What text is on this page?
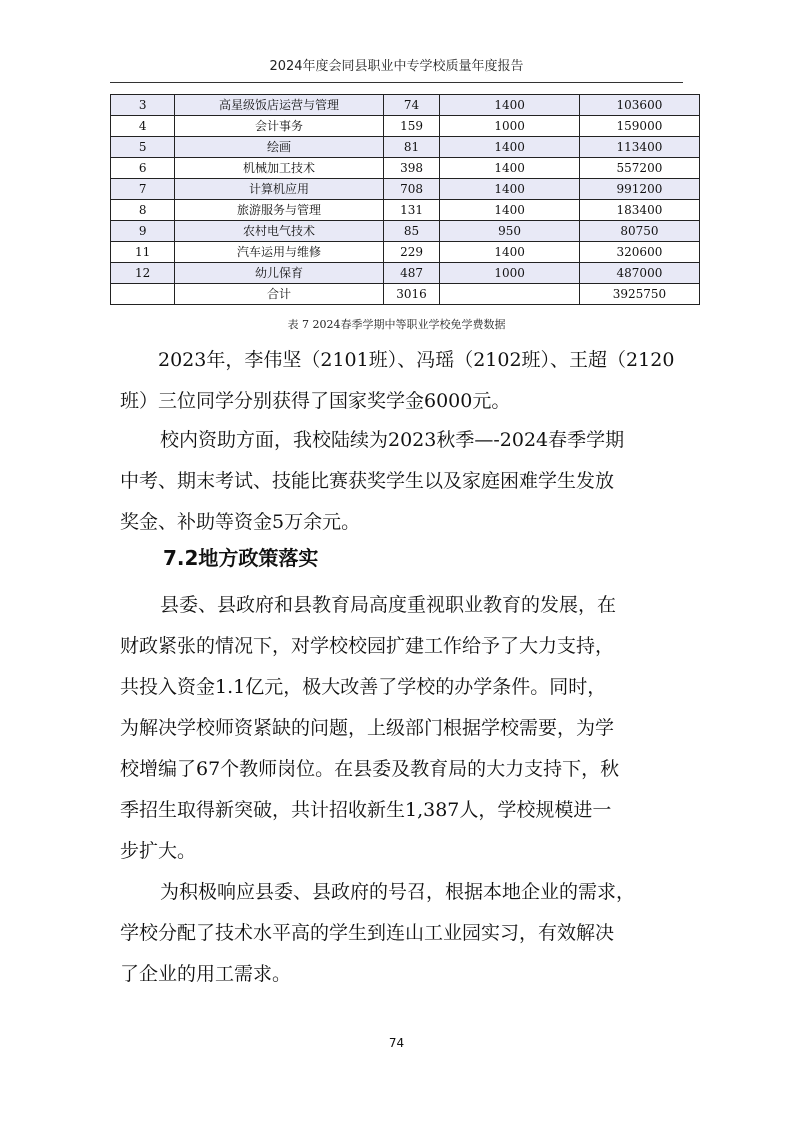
2024年度会同县职业中专学校质量年度报告
3	高星级饭店运营与管理	74	1400	103600
4	会计事务	159	1000	159000
5	绘画	81	1400	113400
6	机械加工技术	398	1400	557200
7	计算机应用	708	1400	991200
8	旅游服务与管理	131	1400	183400
9	农村电气技术	85	950	80750
11	汽车运用与维修	229	1400	320600
12	幼儿保育	487	1000	487000
	合计	3016		3925750
表 7 2024春季学期中等职业学校免学费数据

2023年，李伟坚（2101班）、冯瑶（2102班）、王超（2120
班）三位同学分别获得了国家奖学金6000元。

校内资助方面，我校陆续为2023秋季—-2024春季学期
中考、期末考试、技能比赛获奖学生以及家庭困难学生发放
奖金、补助等资金5万余元。

7.2地方政策落实

县委、县政府和县教育局高度重视职业教育的发展，在
财政紧张的情况下，对学校校园扩建工作给予了大力支持，
共投入资金1.1亿元，极大改善了学校的办学条件。同时，
为解决学校师资紧缺的问题，上级部门根据学校需要，为学
校增编了67个教师岗位。在县委及教育局的大力支持下，秋
季招生取得新突破，共计招收新生1,387人，学校规模进一
步扩大。

为积极响应县委、县政府的号召，根据本地企业的需求，
学校分配了技术水平高的学生到连山工业园实习，有效解决
了企业的用工需求。

74
